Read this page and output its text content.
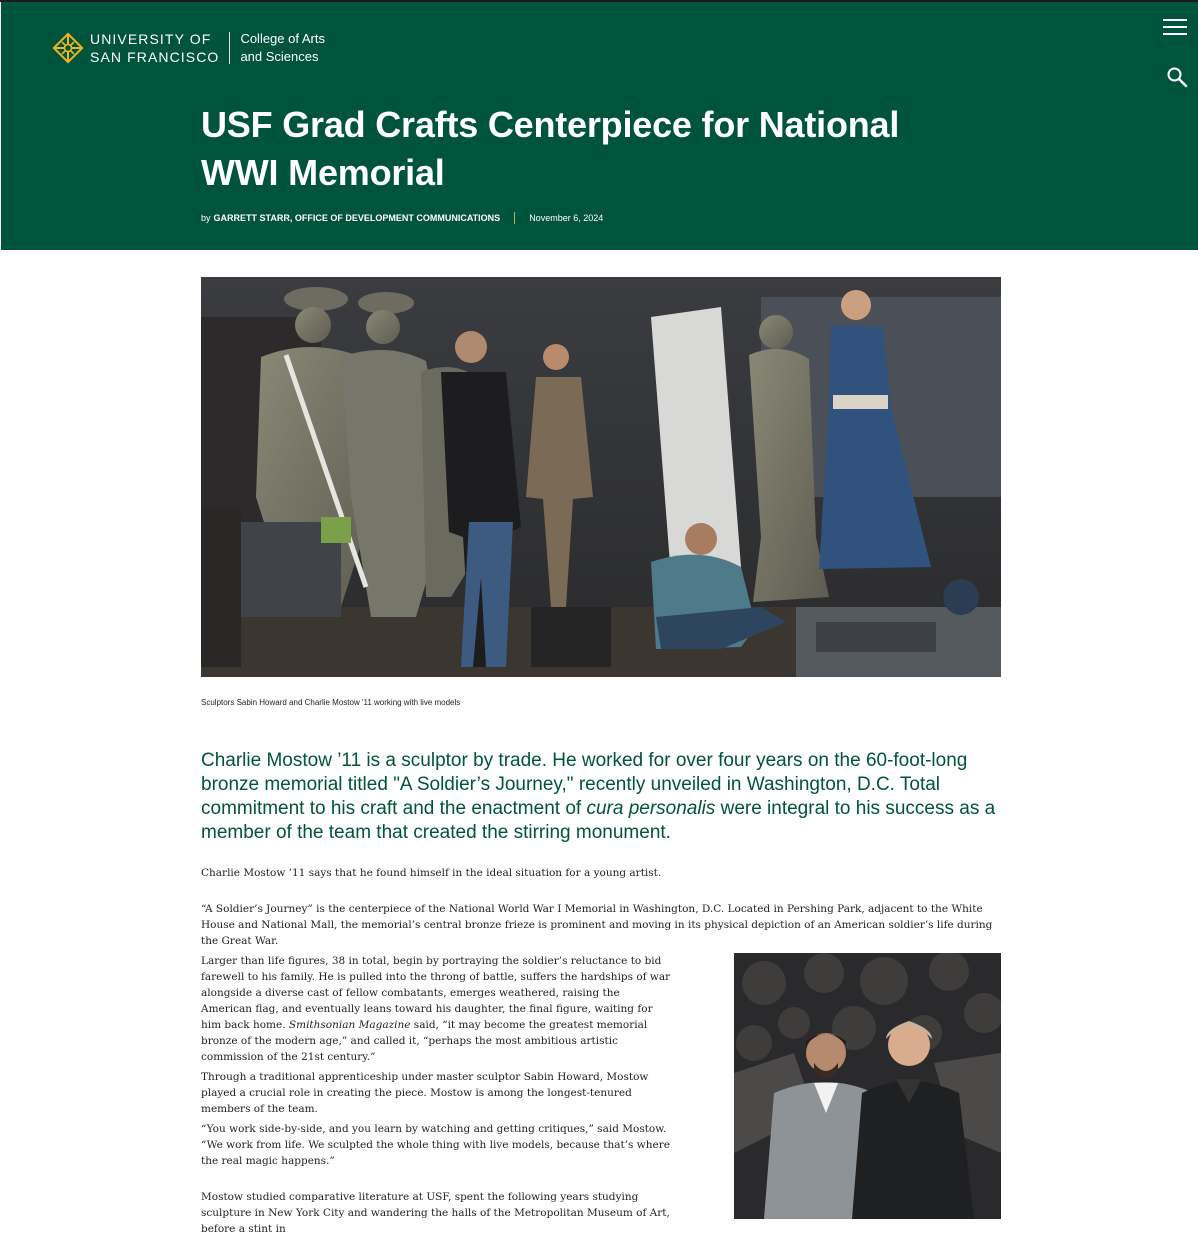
UNIVERSITY OF
SAN FRANCISCO
College of Arts
and Sciences
USF Grad Crafts Centerpiece for National WWI Memorial
by GARRETT STARR, OFFICE OF DEVELOPMENT COMMUNICATIONS	November 6, 2024
Sculptors Sabin Howard and Charlie Mostow '11 working with live models

Charlie Mostow ’11 is a sculptor by trade. He worked for over four years on the 60-foot-long bronze memorial titled "A Soldier’s Journey," recently unveiled in Washington, D.C. Total commitment to his craft and the enactment of cura personalis were integral to his success as a member of the team that created the stirring monument.

Charlie Mostow ’11 says that he found himself in the ideal situation for a young artist.

“A Soldier’s Journey” is the centerpiece of the National World War I Memorial in Washington, D.C. Located in Pershing Park, adjacent to the White House and National Mall, the memorial’s central bronze frieze is prominent and moving in its physical depiction of an American soldier’s life during the Great War.

Larger than life figures, 38 in total, begin by portraying the soldier’s reluctance to bid farewell to his family. He is pulled into the throng of battle, suffers the hardships of war alongside a diverse cast of fellow combatants, emerges weathered, raising the American flag, and eventually leans toward his daughter, the final figure, waiting for him back home. Smithsonian Magazine said, “it may become the greatest memorial bronze of the modern age,” and called it, “perhaps the most ambitious artistic commission of the 21st century.”

Through a traditional apprenticeship under master sculptor Sabin Howard, Mostow played a crucial role in creating the piece. Mostow is among the longest-tenured members of the team.

“You work side-by-side, and you learn by watching and getting critiques,” said Mostow. “We work from life. We sculpted the whole thing with live models, because that’s where the real magic happens.”

Mostow studied comparative literature at USF, spent the following years studying sculpture in New York City and wandering the halls of the Metropolitan Museum of Art, before a stint in
